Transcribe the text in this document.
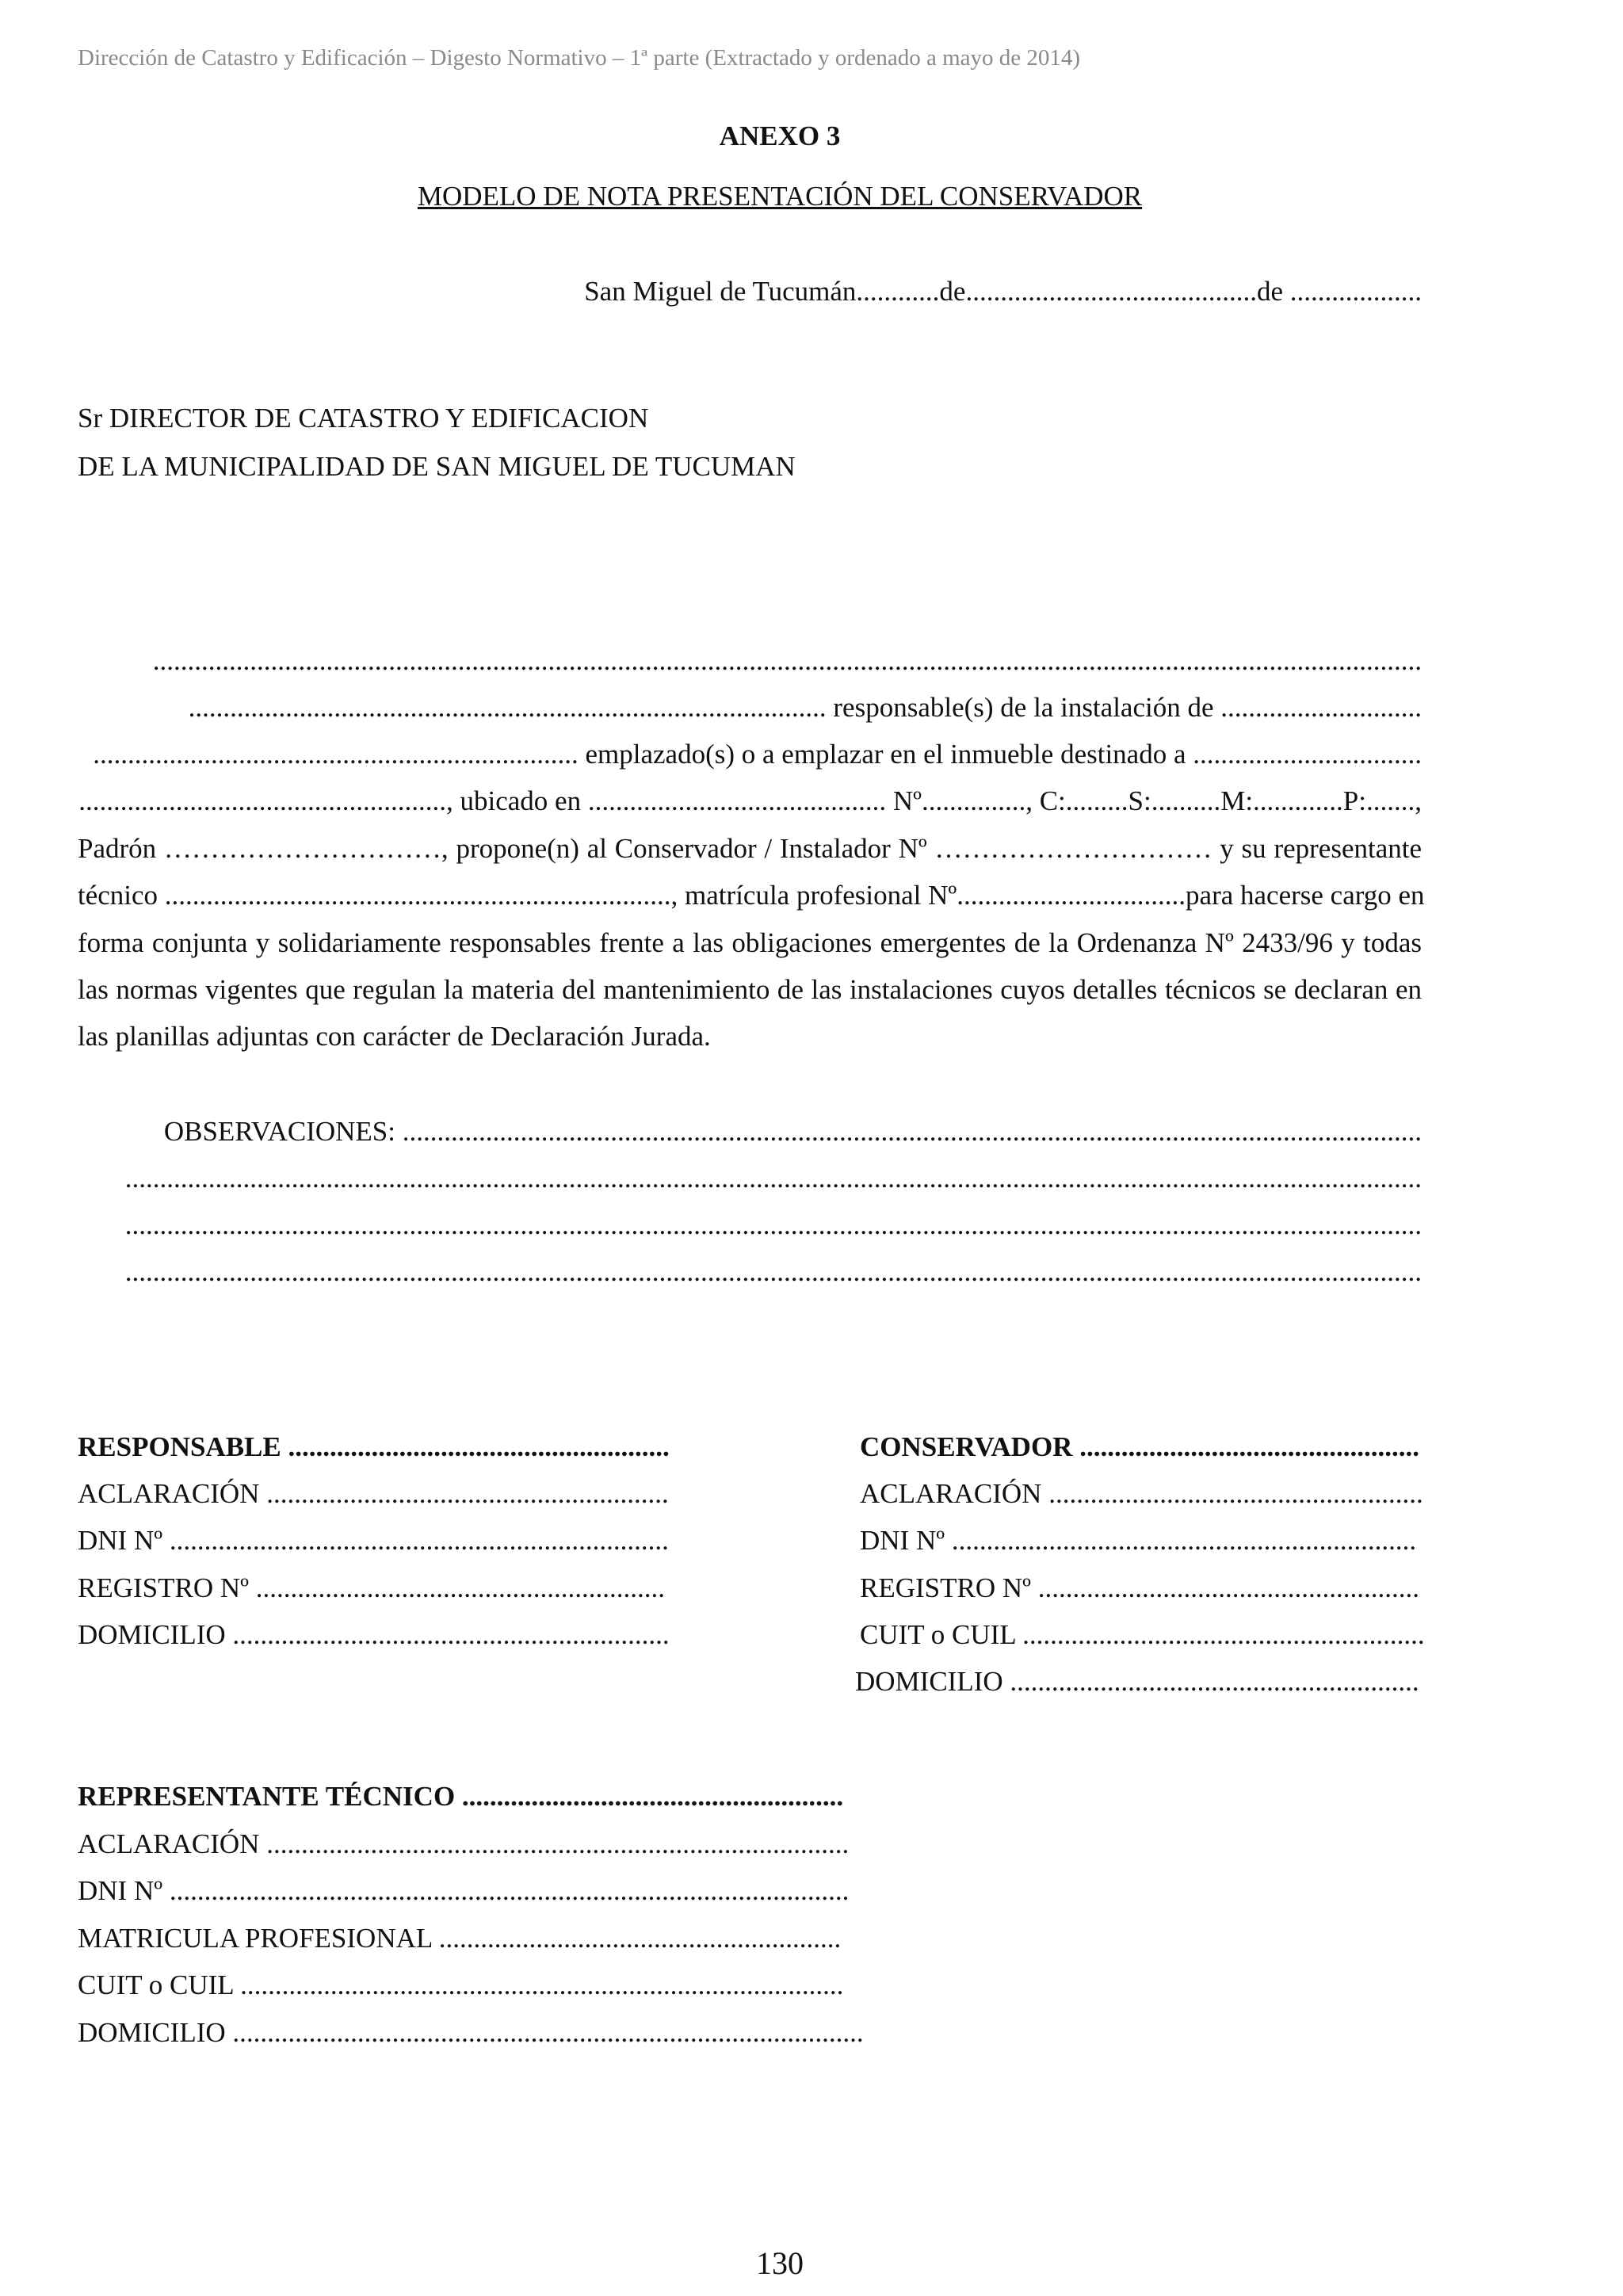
Dirección de Catastro y Edificación – Digesto Normativo – 1ª parte (Extractado y ordenado a mayo de 2014)
ANEXO 3
MODELO DE NOTA PRESENTACIÓN DEL CONSERVADOR
San Miguel de Tucumán............de..........................................de ...................
Sr DIRECTOR DE CATASTRO Y EDIFICACION
DE LA MUNICIPALIDAD DE SAN MIGUEL DE TUCUMAN
.......................................................................................................................................................................................
............................................................................................ responsable(s) de la instalación de .............................
...................................................................... emplazado(s) o a emplazar en el inmueble destinado a .................................
....................................................., ubicado en ........................................... Nº..............., C:.........S:..........M:.............P:.......,
Padrón …………………………, propone(n) al Conservador / Instalador Nº ………………………… y su representante
técnico ........................................................................., matrícula profesional Nº.................................para hacerse cargo en
forma conjunta y solidariamente responsables frente a las obligaciones emergentes de la Ordenanza Nº 2433/96 y todas
las normas vigentes que regulan la materia del mantenimiento de las instalaciones cuyos detalles técnicos se declaran en
las planillas adjuntas con carácter de Declaración Jurada.
OBSERVACIONES: ...................................................................................................................................................
...........................................................................................................................................................................................
...........................................................................................................................................................................................
...........................................................................................................................................................................................
RESPONSABLE .......................................................
ACLARACIÓN ..........................................................
DNI Nº ........................................................................
REGISTRO Nº ...........................................................
DOMICILIO ...............................................................
CONSERVADOR .................................................
ACLARACIÓN ......................................................
DNI Nº ...................................................................
REGISTRO Nº .......................................................
CUIT o CUIL ..........................................................
DOMICILIO ...........................................................
REPRESENTANTE TÉCNICO .......................................................
ACLARACIÓN ....................................................................................
DNI Nº ..................................................................................................
MATRICULA PROFESIONAL ..........................................................
CUIT o CUIL .......................................................................................
DOMICILIO ...........................................................................................
130
